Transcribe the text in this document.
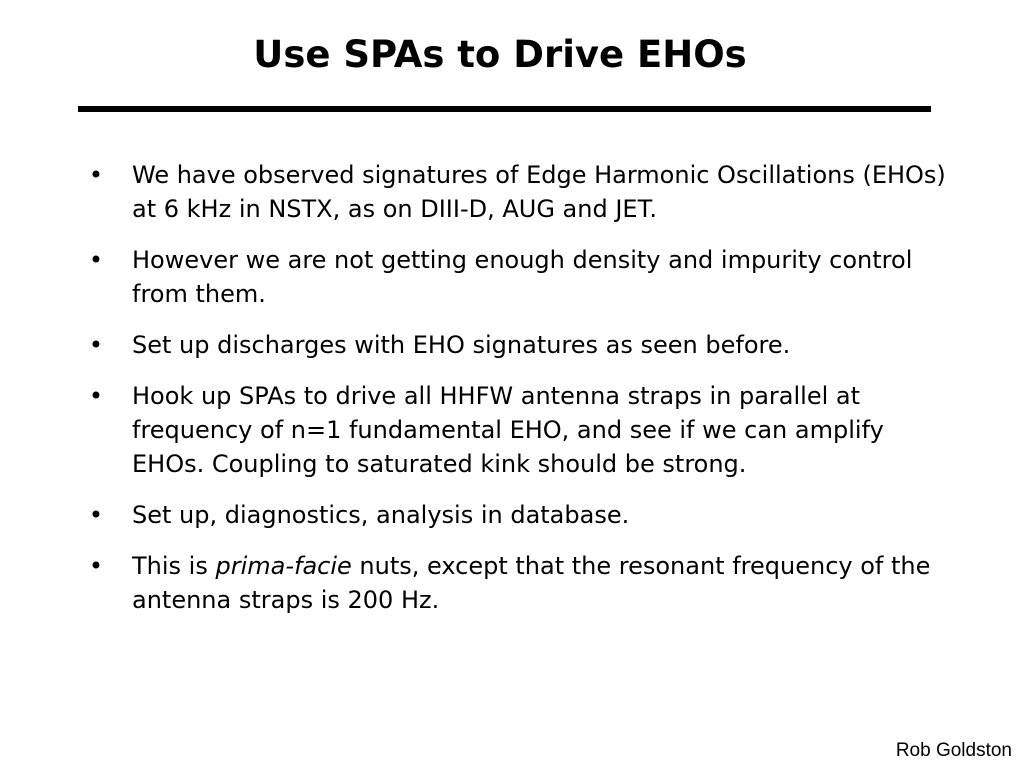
Use SPAs to Drive EHOs
• We have observed signatures of Edge Harmonic Oscillations (EHOs) at 6 kHz in NSTX, as on DIII-D, AUG and JET.
• However we are not getting enough density and impurity control from them.
• Set up discharges with EHO signatures as seen before.
• Hook up SPAs to drive all HHFW antenna straps in parallel at frequency of n=1 fundamental EHO, and see if we can amplify EHOs. Coupling to saturated kink should be strong.
• Set up, diagnostics, analysis in database.
• This is prima-facie nuts, except that the resonant frequency of the antenna straps is 200 Hz.
Rob Goldston
